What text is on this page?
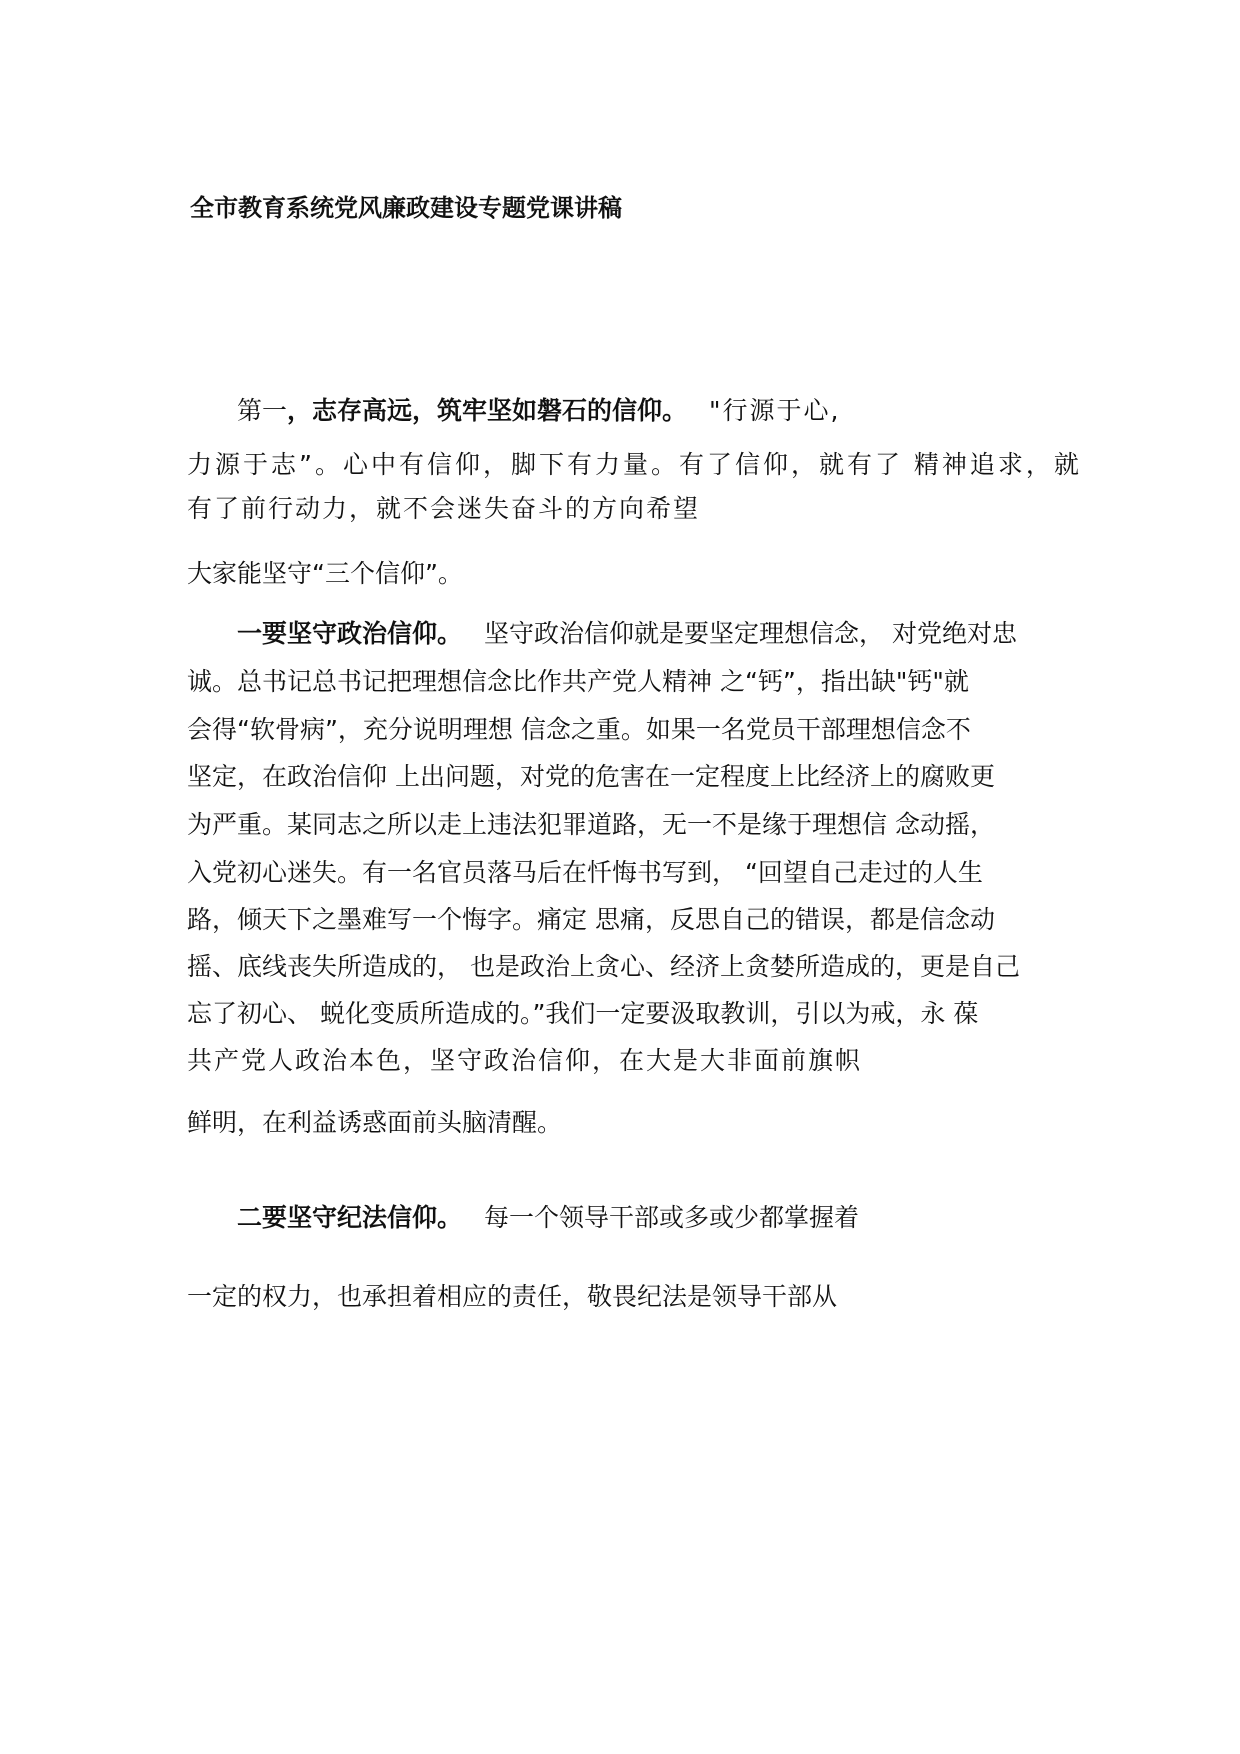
全市教育系统党风廉政建设专题党课讲稿

第一，志存高远，筑牢坚如磐石的信仰。 "行源于心,

力源于志”。心中有信仰，脚下有力量。有了信仰，就有了 精神追求，就

有了前行动力，就不会迷失奋斗的方向希望

大家能坚守“三个信仰”。

一要坚守政治信仰。 坚守政治信仰就是要坚定理想信念， 对党绝对忠

诚。总书记总书记把理想信念比作共产党人精神 之“钙”，指出缺"钙"就

会得“软骨病”，充分说明理想 信念之重。如果一名党员干部理想信念不

坚定，在政治信仰 上出问题，对党的危害在一定程度上比经济上的腐败更

为严重。某同志之所以走上违法犯罪道路，无一不是缘于理想信 念动摇，

入党初心迷失。有一名官员落马后在忏悔书写到， “回望自己走过的人生

路，倾天下之墨难写一个悔字。痛定 思痛，反思自己的错误，都是信念动

摇、底线丧失所造成的， 也是政治上贪心、经济上贪婪所造成的，更是自己

忘了初心、 蜕化变质所造成的。”我们一定要汲取教训，引以为戒，永 葆

共产党人政治本色，坚守政治信仰，在大是大非面前旗帜

鲜明，在利益诱惑面前头脑清醒。

二要坚守纪法信仰。 每一个领导干部或多或少都掌握着

一定的权力，也承担着相应的责任，敬畏纪法是领导干部从
